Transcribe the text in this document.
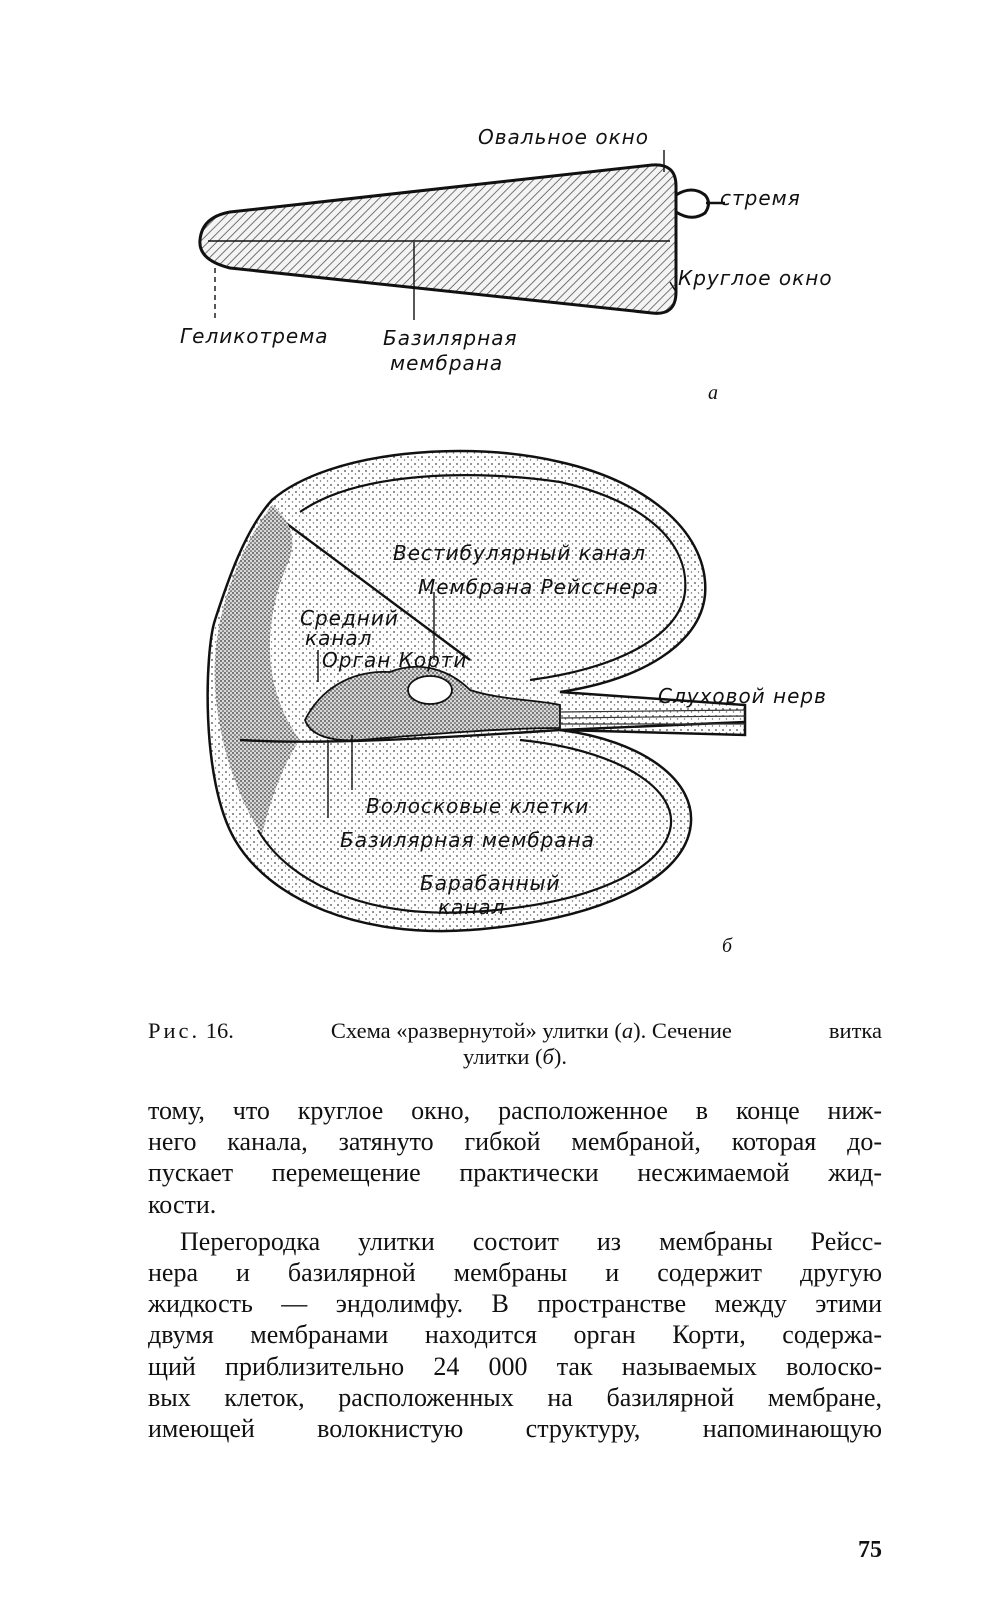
Овальное окно
стремя
Круглое окно
Геликотрема	Базилярная
мембрана
а
Вестибулярный канал
Мембрана Рейсснера
Средний
канал
Орган Корти
Слуховой нерв
Волосковые клетки
Базилярная мембрана
Барабанный
канал
б
Рис. 16.	Схема «развернутой» улитки (а). Сечение	витка
улитки (б).

тому, что круглое окно, расположенное в конце ниж-
него канала, затянуто гибкой мембраной, которая до-
пускает перемещение практически несжимаемой жид-
кости.

Перегородка улитки состоит из мембраны Рейсс-
нера и базилярной мембраны и содержит другую
жидкость — эндолимфу. В пространстве между этими
двумя мембранами находится орган Корти, содержа-
щий приблизительно 24 000 так называемых волоско-
вых клеток, расположенных на базилярной мембране,
имеющей волокнистую структуру, напоминающую

75
